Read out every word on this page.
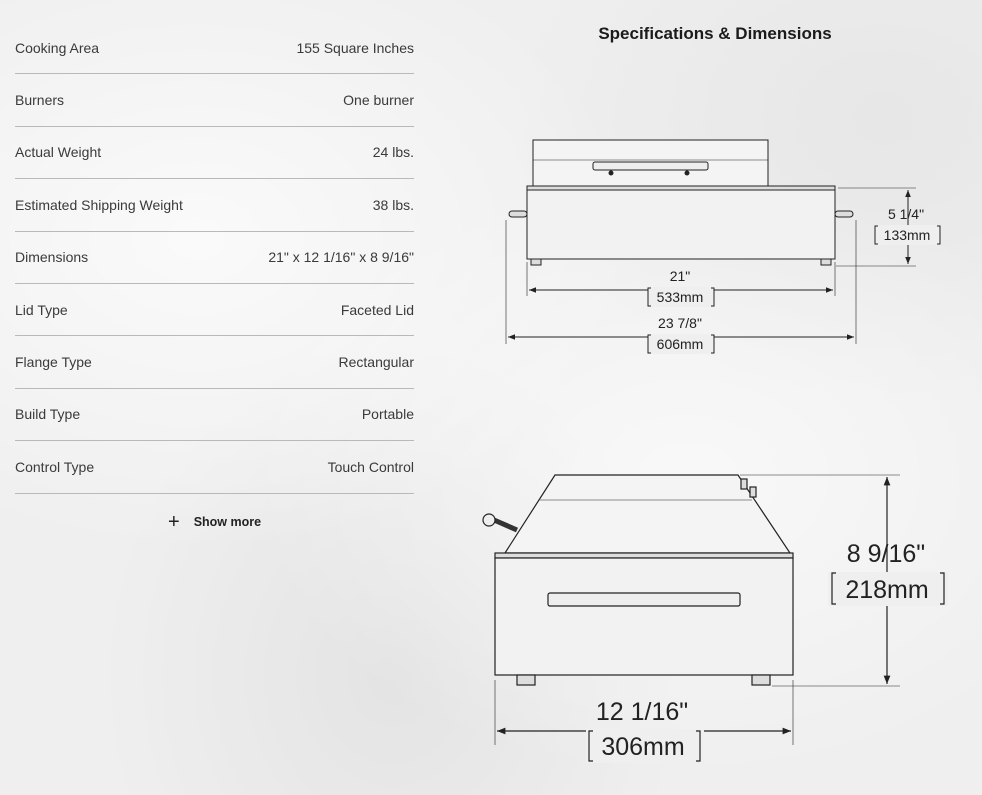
Cooking Area	155 Square Inches
Burners	One burner
Actual Weight	24 lbs.
Estimated Shipping Weight	38 lbs.
Dimensions	21" x 12 1/16" x 8 9/16"
Lid Type	Faceted Lid
Flange Type	Rectangular
Build Type	Portable
Control Type	Touch Control
+ Show more
Specifications & Dimensions
5 1/4"
133mm
21"
533mm
23 7/8"
606mm
8 9/16"
218mm
12 1/16"
306mm
